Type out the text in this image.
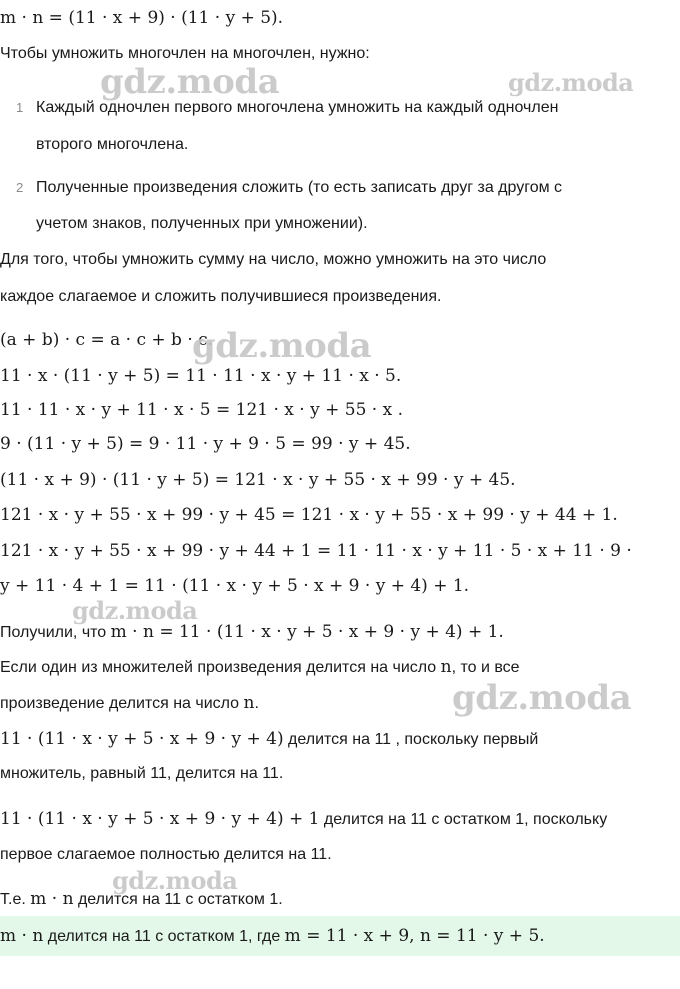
m · n = (11 · x + 9) · (11 · y + 5).
Чтобы умножить многочлен на многочлен, нужно:
1 Каждый одночлен первого многочлена умножить на каждый одночлен
второго многочлена.
2 Полученные произведения сложить (то есть записать друг за другом с
учетом знаков, полученных при умножении).
Для того, чтобы умножить сумму на число, можно умножить на это число
каждое слагаемое и сложить получившиеся произведения.
(a + b) · c = a · c + b · c.
11 · x · (11 · y + 5) = 11 · 11 · x · y + 11 · x · 5.
11 · 11 · x · y + 11 · x · 5 = 121 · x · y + 55 · x .
9 · (11 · y + 5) = 9 · 11 · y + 9 · 5 = 99 · y + 45.
(11 · x + 9) · (11 · y + 5) = 121 · x · y + 55 · x + 99 · y + 45.
121 · x · y + 55 · x + 99 · y + 45 = 121 · x · y + 55 · x + 99 · y + 44 + 1.
121 · x · y + 55 · x + 99 · y + 44 + 1 = 11 · 11 · x · y + 11 · 5 · x + 11 · 9 ·
y + 11 · 4 + 1 = 11 · (11 · x · y + 5 · x + 9 · y + 4) + 1.
Получили, что m · n = 11 · (11 · x · y + 5 · x + 9 · y + 4) + 1.
Если один из множителей произведения делится на число n, то и все
произведение делится на число n.
11 · (11 · x · y + 5 · x + 9 · y + 4) делится на 11 , поскольку первый
множитель, равный 11, делится на 11.
11 · (11 · x · y + 5 · x + 9 · y + 4) + 1 делится на 11 с остатком 1, поскольку
первое слагаемое полностью делится на 11.
Т.е. m · n делится на 11 с остатком 1.
m · n делится на 11 с остатком 1, где m = 11 · x + 9, n = 11 · y + 5.
gdz.moda	gdz.moda
gdz.moda
gdz.moda
gdz.moda
gdz.moda
